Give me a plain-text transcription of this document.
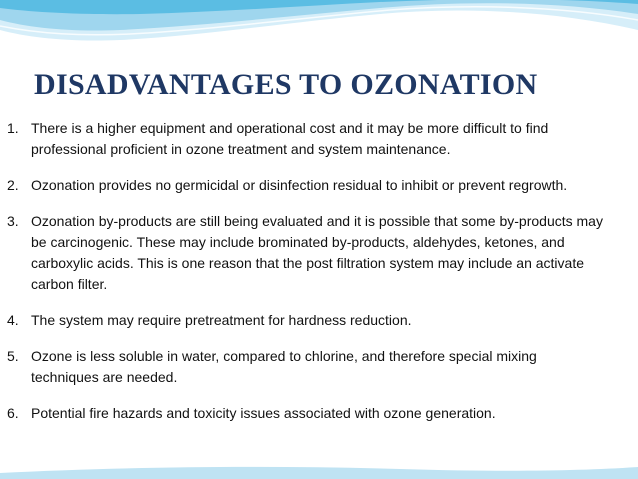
DISADVANTAGES TO OZONATION
1. There is a higher equipment and operational cost and it may be more difficult to find
professional proficient in ozone treatment and system maintenance.
2. Ozonation provides no germicidal or disinfection residual to inhibit or prevent regrowth.
3. Ozonation by-products are still being evaluated and it is possible that some by-products may
be carcinogenic. These may include brominated by-products, aldehydes, ketones, and
carboxylic acids. This is one reason that the post filtration system may include an activate
carbon filter.
4. The system may require pretreatment for hardness reduction.
5. Ozone is less soluble in water, compared to chlorine, and therefore special mixing
techniques are needed.
6. Potential fire hazards and toxicity issues associated with ozone generation.
